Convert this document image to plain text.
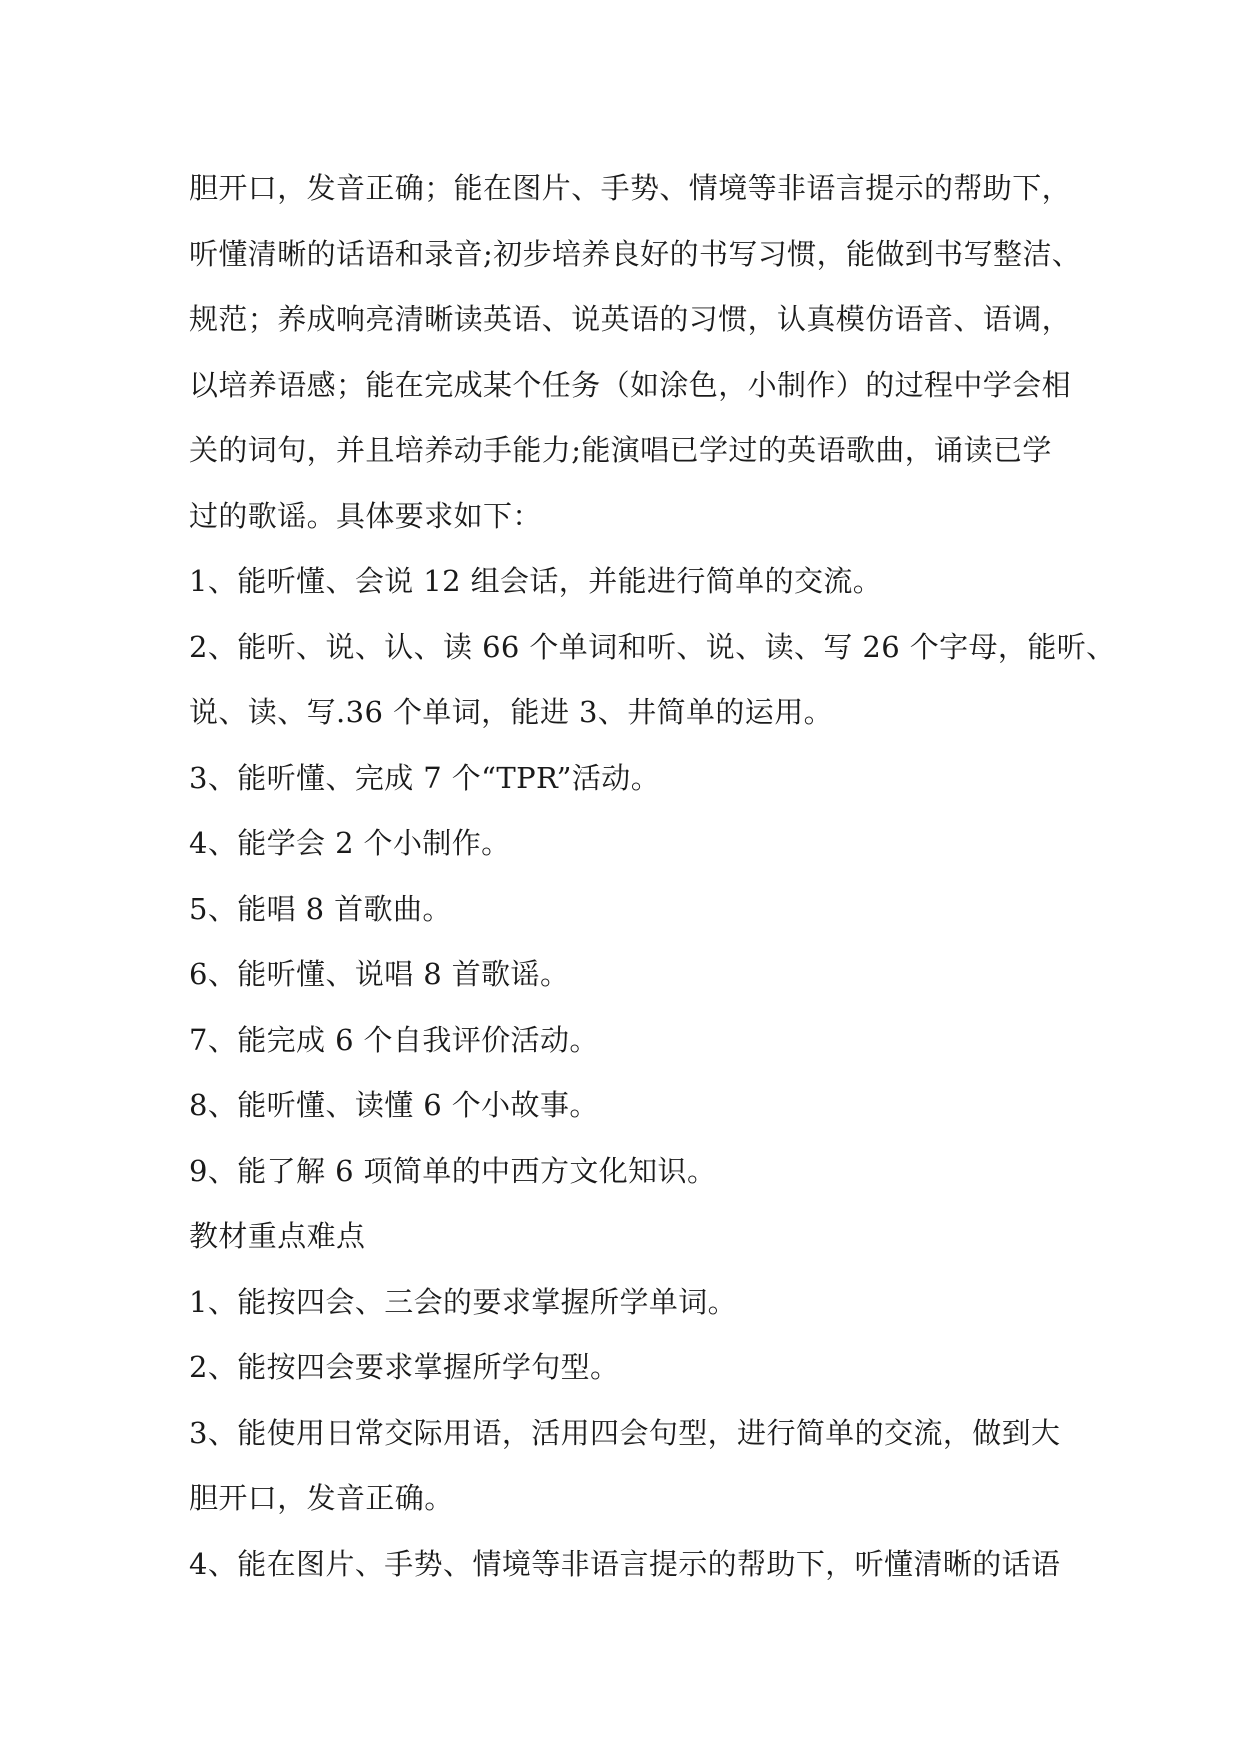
胆开口，发音正确；能在图片、手势、情境等非语言提示的帮助下，
听懂清晰的话语和录音;初步培养良好的书写习惯，能做到书写整洁、
规范；养成响亮清晰读英语、说英语的习惯，认真模仿语音、语调，
以培养语感；能在完成某个任务（如涂色，小制作）的过程中学会相
关的词句，并且培养动手能力;能演唱已学过的英语歌曲，诵读已学
过的歌谣。具体要求如下：
1、能听懂、会说 12 组会话，并能进行简单的交流。
2、能听、说、认、读 66 个单词和听、说、读、写 26 个字母，能听、
说、读、写.36 个单词，能进 3、井简单的运用。
3、能听懂、完成 7 个“TPR”活动。
4、能学会 2 个小制作。
5、能唱 8 首歌曲。
6、能听懂、说唱 8 首歌谣。
7、能完成 6 个自我评价活动。
8、能听懂、读懂 6 个小故事。
9、能了解 6 项简单的中西方文化知识。
教材重点难点
1、能按四会、三会的要求掌握所学单词。
2、能按四会要求掌握所学句型。
3、能使用日常交际用语，活用四会句型，进行简单的交流，做到大
胆开口，发音正确。
4、能在图片、手势、情境等非语言提示的帮助下，听懂清晰的话语
